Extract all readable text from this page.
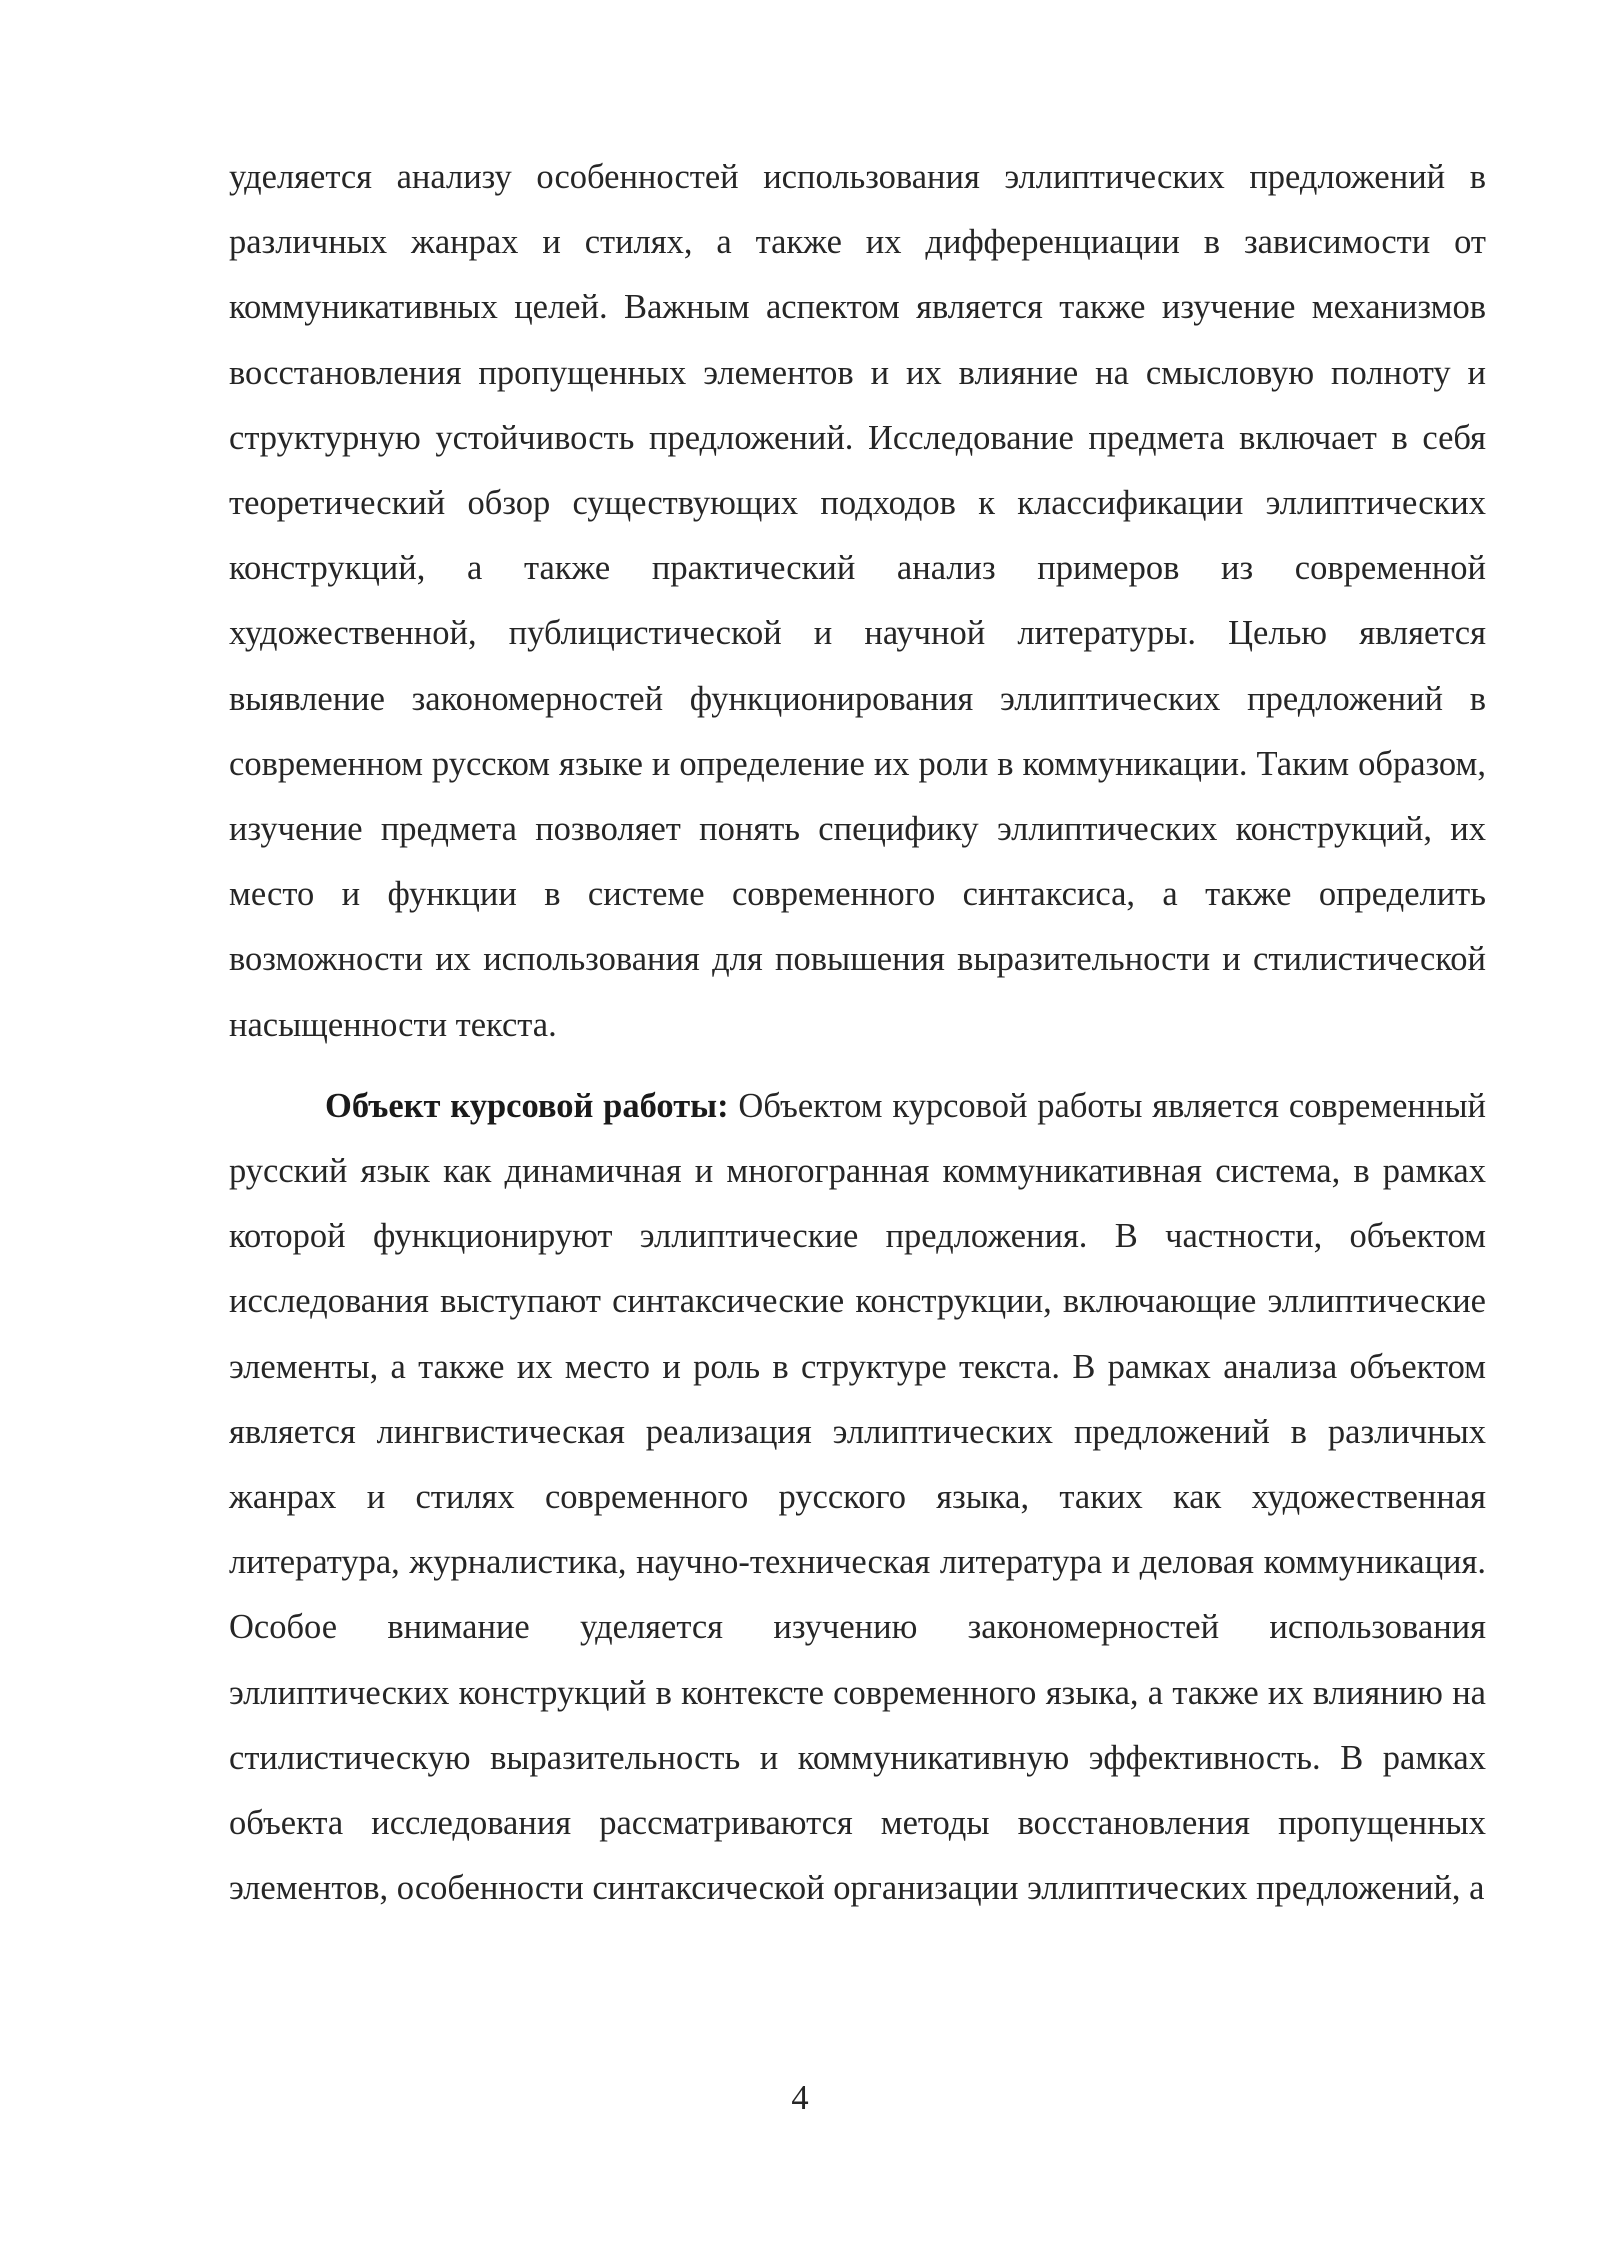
уделяется анализу особенностей использования эллиптических предложений в различных жанрах и стилях, а также их дифференциации в зависимости от коммуникативных целей. Важным аспектом является также изучение механизмов восстановления пропущенных элементов и их влияние на смысловую полноту и структурную устойчивость предложений. Исследование предмета включает в себя теоретический обзор существующих подходов к классификации эллиптических конструкций, а также практический анализ примеров из современной художественной, публицистической и научной литературы. Целью является выявление закономерностей функционирования эллиптических предложений в современном русском языке и определение их роли в коммуникации. Таким образом, изучение предмета позволяет понять специфику эллиптических конструкций, их место и функции в системе современного синтаксиса, а также определить возможности их использования для повышения выразительности и стилистической насыщенности текста.

Объект курсовой работы: Объектом курсовой работы является современный русский язык как динамичная и многогранная коммуникативная система, в рамках которой функционируют эллиптические предложения. В частности, объектом исследования выступают синтаксические конструкции, включающие эллиптические элементы, а также их место и роль в структуре текста. В рамках анализа объектом является лингвистическая реализация эллиптических предложений в различных жанрах и стилях современного русского языка, таких как художественная литература, журналистика, научно-техническая литература и деловая коммуникация. Особое внимание уделяется изучению закономерностей использования эллиптических конструкций в контексте современного языка, а также их влиянию на стилистическую выразительность и коммуникативную эффективность. В рамках объекта исследования рассматриваются методы восстановления пропущенных элементов, особенности синтаксической организации эллиптических предложений, а

4
